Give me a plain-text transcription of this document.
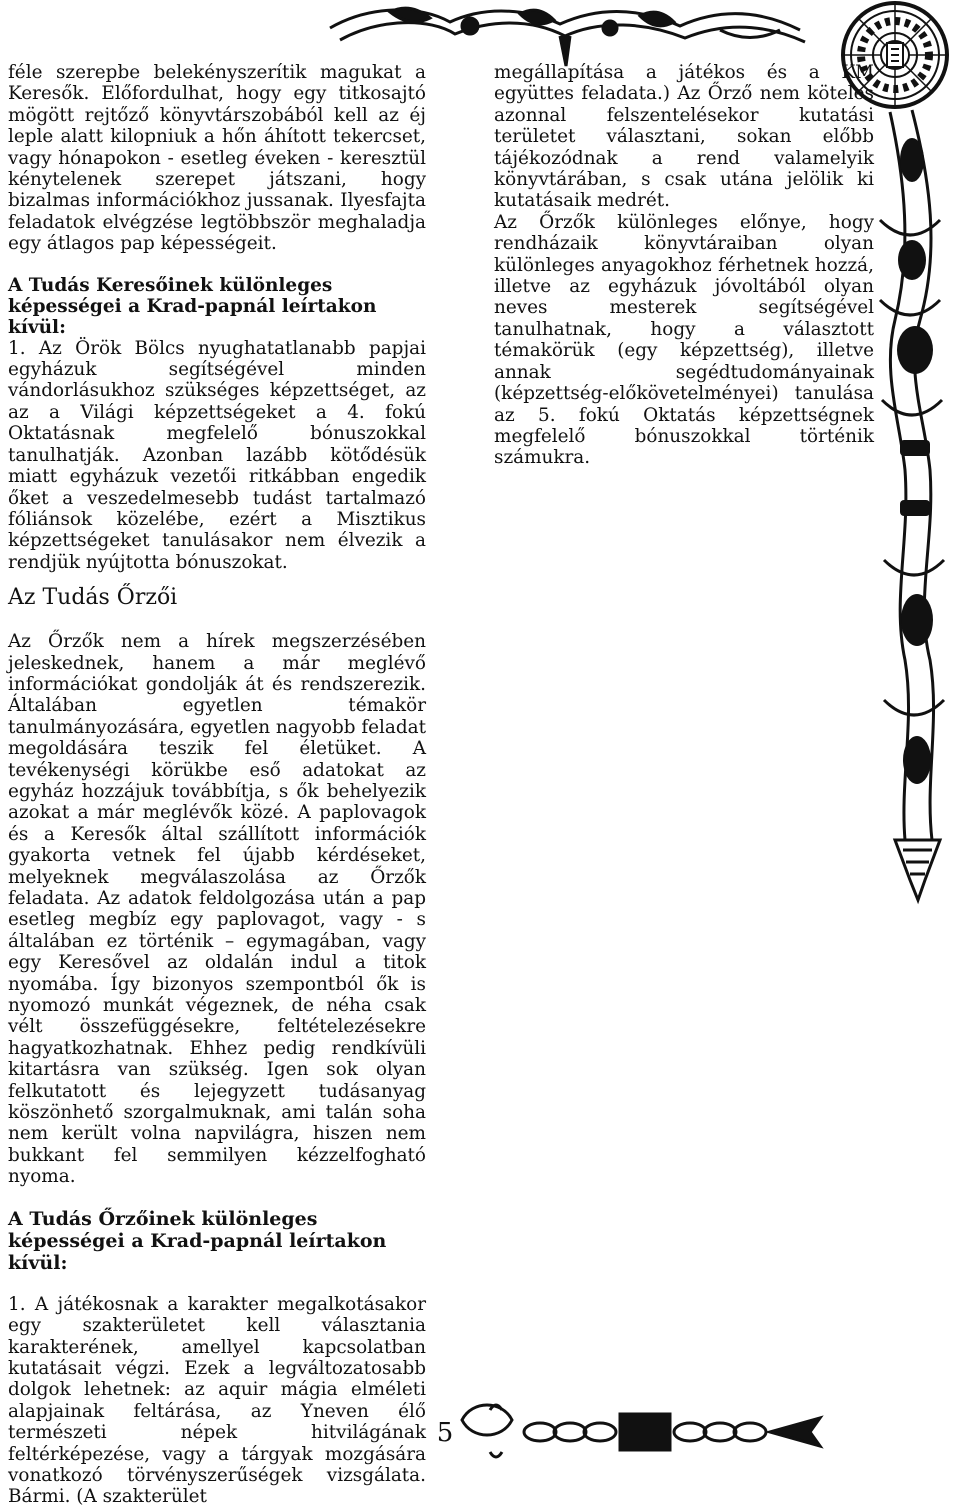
féle szerepbe belekényszerítik magukat a Keresők. Előfordulhat, hogy egy titkosajtó mögött rejtőző könyvtárszobából kell az éj leple alatt kilopniuk a hőn áhított tekercset, vagy hónapokon - esetleg éveken - keresztül kénytelenek szerepet játszani, hogy bizalmas információkhoz jussanak. Ilyesfajta feladatok elvégzése legtöbbször meghaladja egy átlagos pap képességeit.

A Tudás Keresőinek különleges képességei a Krad-papnál leírtakon kívül:

1. Az Örök Bölcs nyughatatlanabb papjai egyházuk segítségével minden vándorlásukhoz szükséges képzettséget, az az a Világi képzettségeket a 4. fokú Oktatásnak megfelelő bónuszokkal tanulhatják. Azonban lazább kötődésük miatt egyházuk vezetői ritkábban engedik őket a veszedelmesebb tudást tartalmazó fóliánsok közelébe, ezért a Misztikus képzettségeket tanulásakor nem élvezik a rendjük nyújtotta bónuszokat.

Az Tudás Őrzői

Az Őrzők nem a hírek megszerzésében jeleskednek, hanem a már meglévő információkat gondolják át és rendszerezik. Általában egyetlen témakör tanulmányozására, egyetlen nagyobb feladat megoldására teszik fel életüket. A tevékenységi körükbe eső adatokat az egyház hozzájuk továbbítja, s ők behelyezik azokat a már meglévők közé. A paplovagok és a Keresők által szállított információk gyakorta vetnek fel újabb kérdéseket, melyeknek megválaszolása az Őrzők feladata. Az adatok feldolgozása után a pap esetleg megbíz egy paplovagot, vagy - s általában ez történik – egymagában, vagy egy Keresővel az oldalán indul a titok nyomába. Így bizonyos szempontból ők is nyomozó munkát végeznek, de néha csak vélt összefüggésekre, feltételezésekre hagyatkozhatnak. Ehhez pedig rendkívüli kitartásra van szükség. Igen sok olyan felkutatott és lejegyzett tudásanyag köszönhető szorgalmuknak, ami talán soha nem került volna napvilágra, hiszen nem bukkant fel semmilyen kézzelfogható nyoma.

A Tudás Őrzőinek különleges képességei a Krad-papnál leírtakon kívül:

1. A játékosnak a karakter megalkotásakor egy szakterületet kell választania karakterének, amellyel kapcsolatban kutatásait végzi. Ezek a legváltozatosabb dolgok lehetnek: az aquir mágia elméleti alapjainak feltárása, az Yneven élő természeti népek hitvilágának feltérképezése, vagy a tárgyak mozgására vonatkozó törvényszerűségek vizsgálata. Bármi. (A szakterület

megállapítása a játékos és a KM együttes feladata.) Az Őrző nem köteles azonnal felszentelésekor kutatási területet választani, sokan előbb tájékozódnak a rend valamelyik könyvtárában, s csak utána jelölik ki kutatásaik medrét.

Az Őrzők különleges előnye, hogy rendházaik könyvtáraiban olyan különleges anyagokhoz férhetnek hozzá, illetve az egyházuk jóvoltából olyan neves mesterek segítségével tanulhatnak, hogy a választott témakörük (egy képzettség), illetve annak segédtudományainak (képzettség-előkövetelményei) tanulása az 5. fokú Oktatás képzettségnek megfelelő bónuszokkal történik számukra.

5
